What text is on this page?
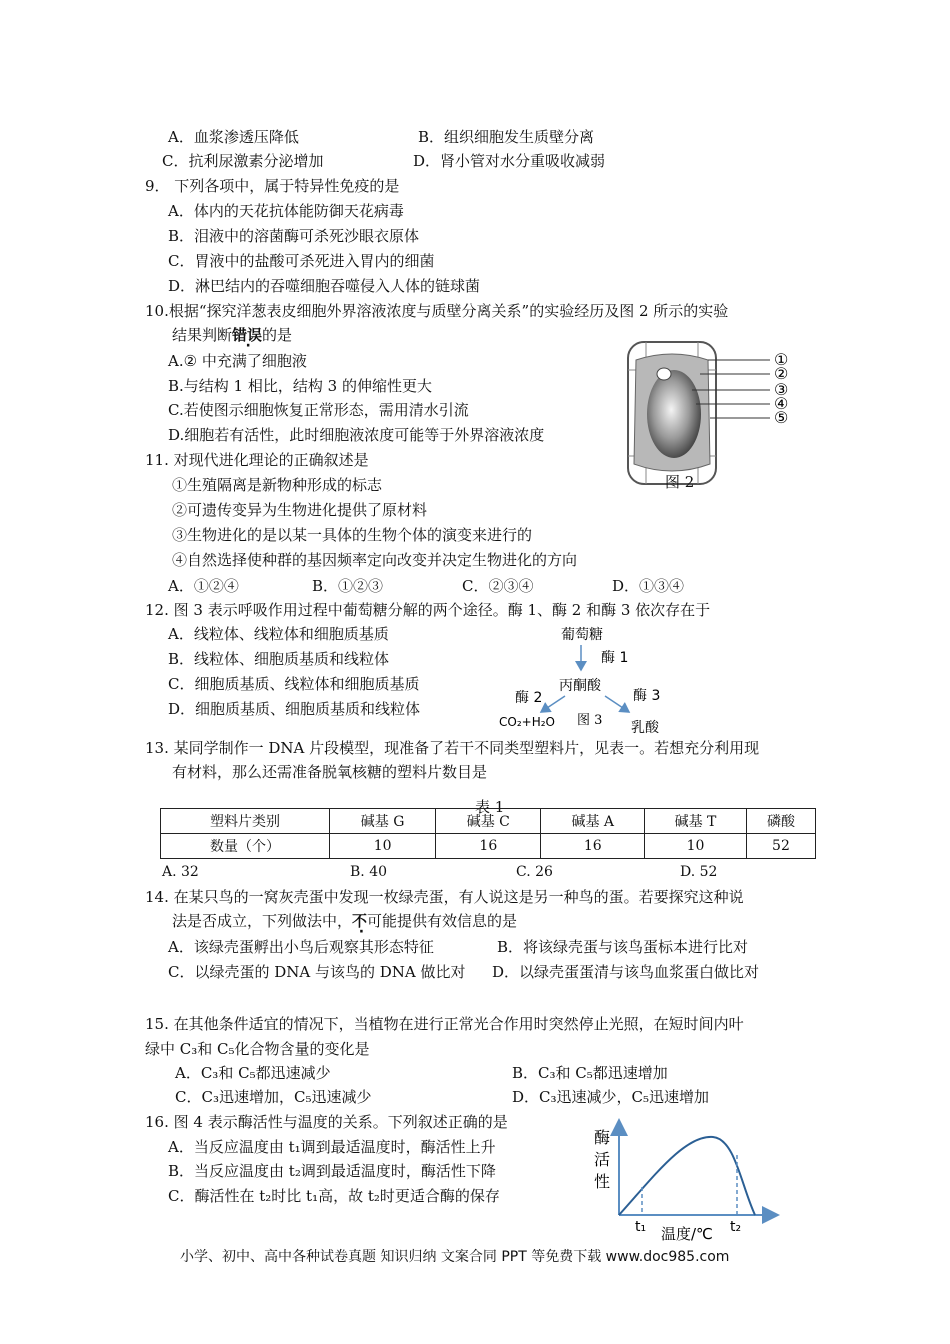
A．血浆渗透压降低	B．组织细胞发生质壁分离
C．抗利尿激素分泌增加	D．肾小管对水分重吸收减弱
9． 下列各项中，属于特异性免疫的是
A．体内的天花抗体能防御天花病毒
B．泪液中的溶菌酶可杀死沙眼衣原体
C．胃液中的盐酸可杀死进入胃内的细菌
D．淋巴结内的吞噬细胞吞噬侵入人体的链球菌
10.根据“探究洋葱表皮细胞外界溶液浓度与质壁分离关系”的实验经历及图 2 所示的实验
结果判断错误的是
A.② 中充满了细胞液
B.与结构 1 相比，结构 3 的伸缩性更大
C.若使图示细胞恢复正常形态，需用清水引流
D.细胞若有活性，此时细胞液浓度可能等于外界溶液浓度
①
②
③
④
⑤
图 2
11. 对现代进化理论的正确叙述是
①生殖隔离是新物种形成的标志
②可遗传变异为生物进化提供了原材料
③生物进化的是以某一具体的生物个体的演变来进行的
④自然选择使种群的基因频率定向改变并决定生物进化的方向
A．①②④	B．①②③	C．②③④	D．①③④
12. 图 3 表示呼吸作用过程中葡萄糖分解的两个途径。酶 1、酶 2 和酶 3 依次存在于
A．线粒体、线粒体和细胞质基质
B．线粒体、细胞质基质和线粒体
C．细胞质基质、线粒体和细胞质基质
D．细胞质基质、细胞质基质和线粒体
葡萄糖
酶 1
丙酮酸
酶 2	酶 3
CO₂+H₂O 图 3 乳酸
13. 某同学制作一 DNA 片段模型，现准备了若干不同类型塑料片，见表一。若想充分利用现
有材料，那么还需准备脱氧核糖的塑料片数目是
表 1
塑料片类别	碱基 G	碱基 C	碱基 A	碱基 T	磷酸
数量（个）	10	16	16	10	52
A. 32	B. 40	C. 26	D. 52
14. 在某只鸟的一窝灰壳蛋中发现一枚绿壳蛋，有人说这是另一种鸟的蛋。若要探究这种说
法是否成立，下列做法中，不可能提供有效信息的是
A．该绿壳蛋孵出小鸟后观察其形态特征	B．将该绿壳蛋与该鸟蛋标本进行比对
C．以绿壳蛋的 DNA 与该鸟的 DNA 做比对 D．以绿壳蛋蛋清与该鸟血浆蛋白做比对
15. 在其他条件适宜的情况下，当植物在进行正常光合作用时突然停止光照，在短时间内叶
绿中 C₃和 C₅化合物含量的变化是
A．C₃和 C₅都迅速减少	B．C₃和 C₅都迅速增加
C．C₃迅速增加，C₅迅速减少	D．C₃迅速减少，C₅迅速增加
16. 图 4 表示酶活性与温度的关系。下列叙述正确的是
A．当反应温度由 t₁调到最适温度时，酶活性上升
B．当反应温度由 t₂调到最适温度时，酶活性下降
C．酶活性在 t₂时比 t₁高，故 t₂时更适合酶的保存
酶
活
性
t₁ 温度/℃ t₂
小学、初中、高中各种试卷真题 知识归纳 文案合同 PPT 等免费下载 www.doc985.com
